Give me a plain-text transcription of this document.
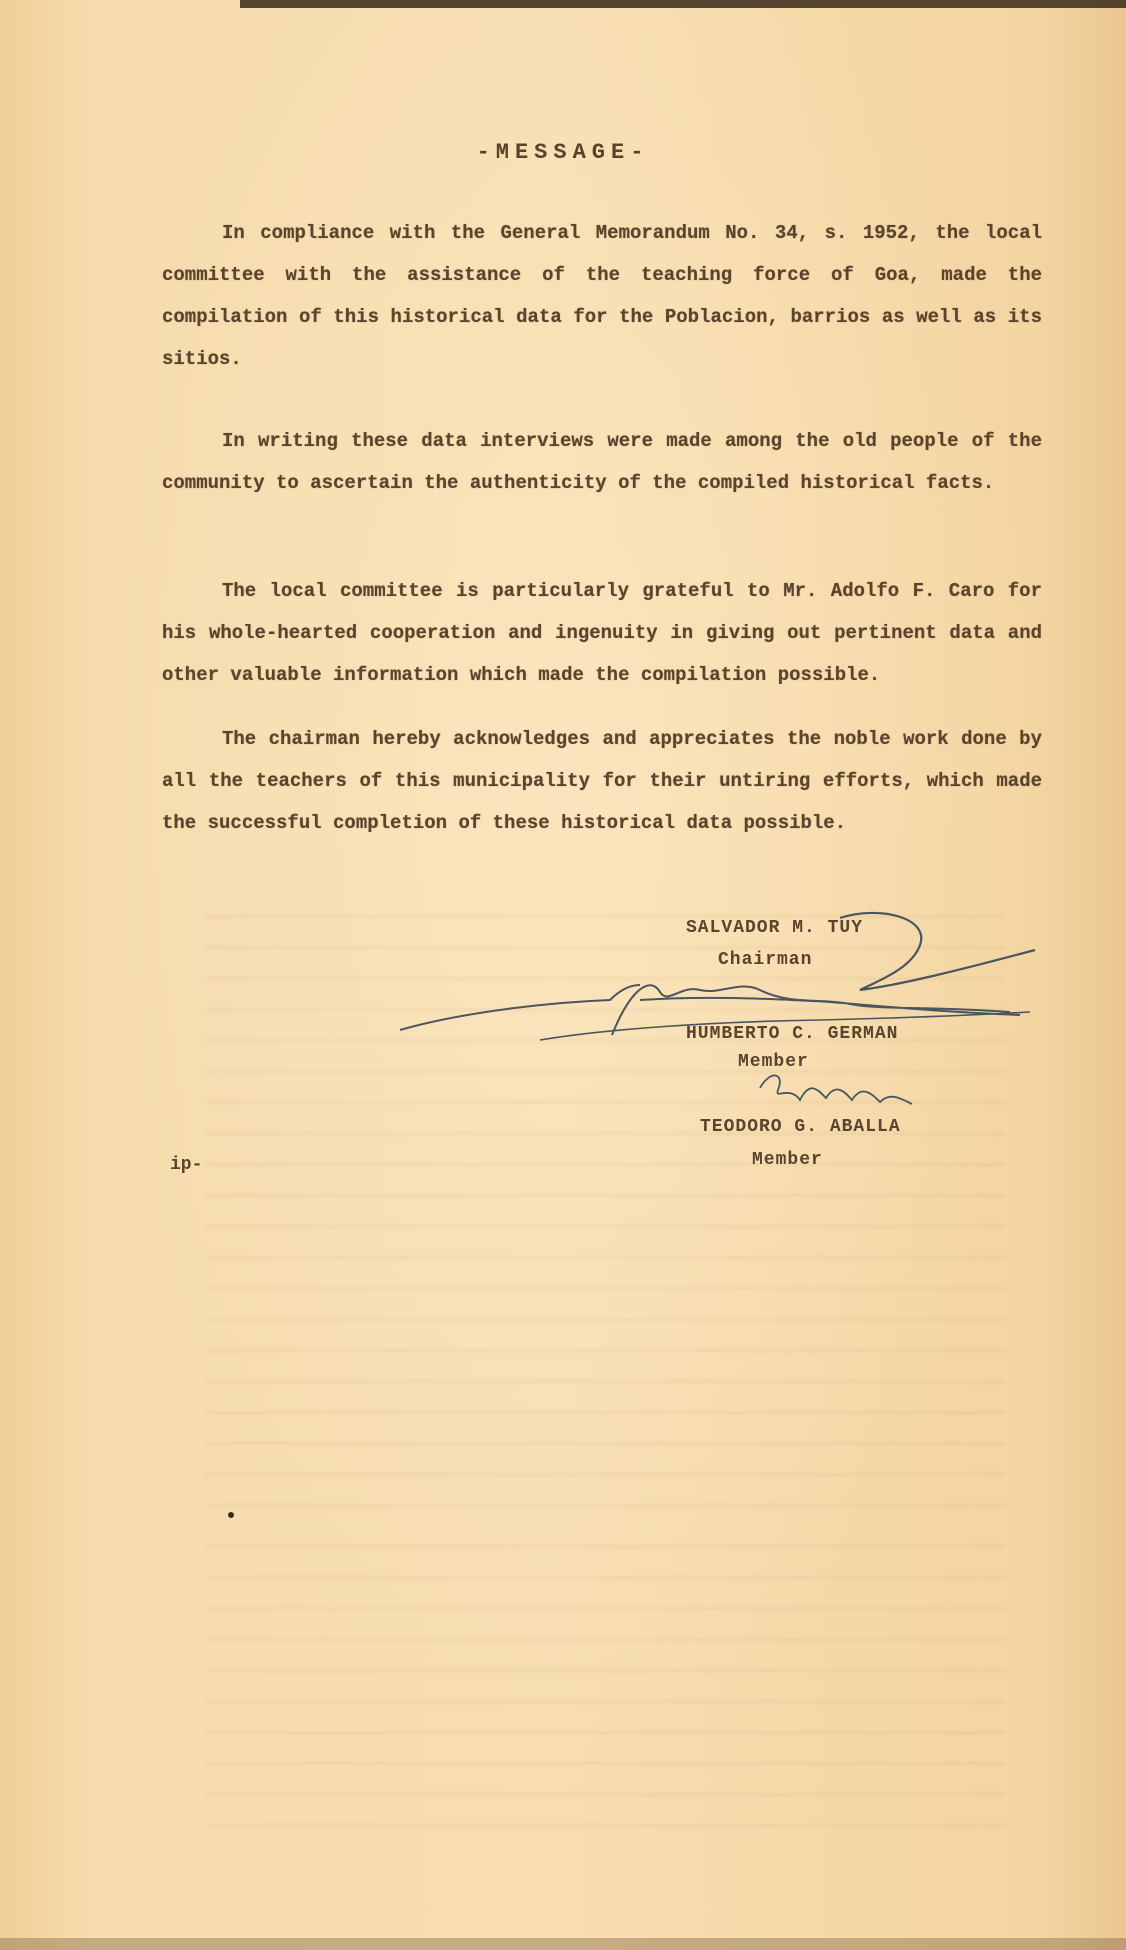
-MESSAGE-

In compliance with the General Memorandum No. 34, s. 1952, the local committee with the assistance of the teaching force of Goa, made the compilation of this historical data for the Poblacion, barrios as well as its sitios.

In writing these data interviews were made among the old people of the community to ascertain the authenticity of the compiled historical facts.

The local committee is particularly grateful to Mr. Adolfo F. Caro for his whole-hearted cooperation and ingenuity in giving out pertinent data and other valuable information which made the compilation possible.

The chairman hereby acknowledges and appreciates the noble work done by all the teachers of this municipality for their untiring efforts, which made the successful completion of these historical data possible.

SALVADOR M. TUY
Chairman
HUMBERTO C. GERMAN
Member
TEODORO G. ABALLA
Member
ip-
